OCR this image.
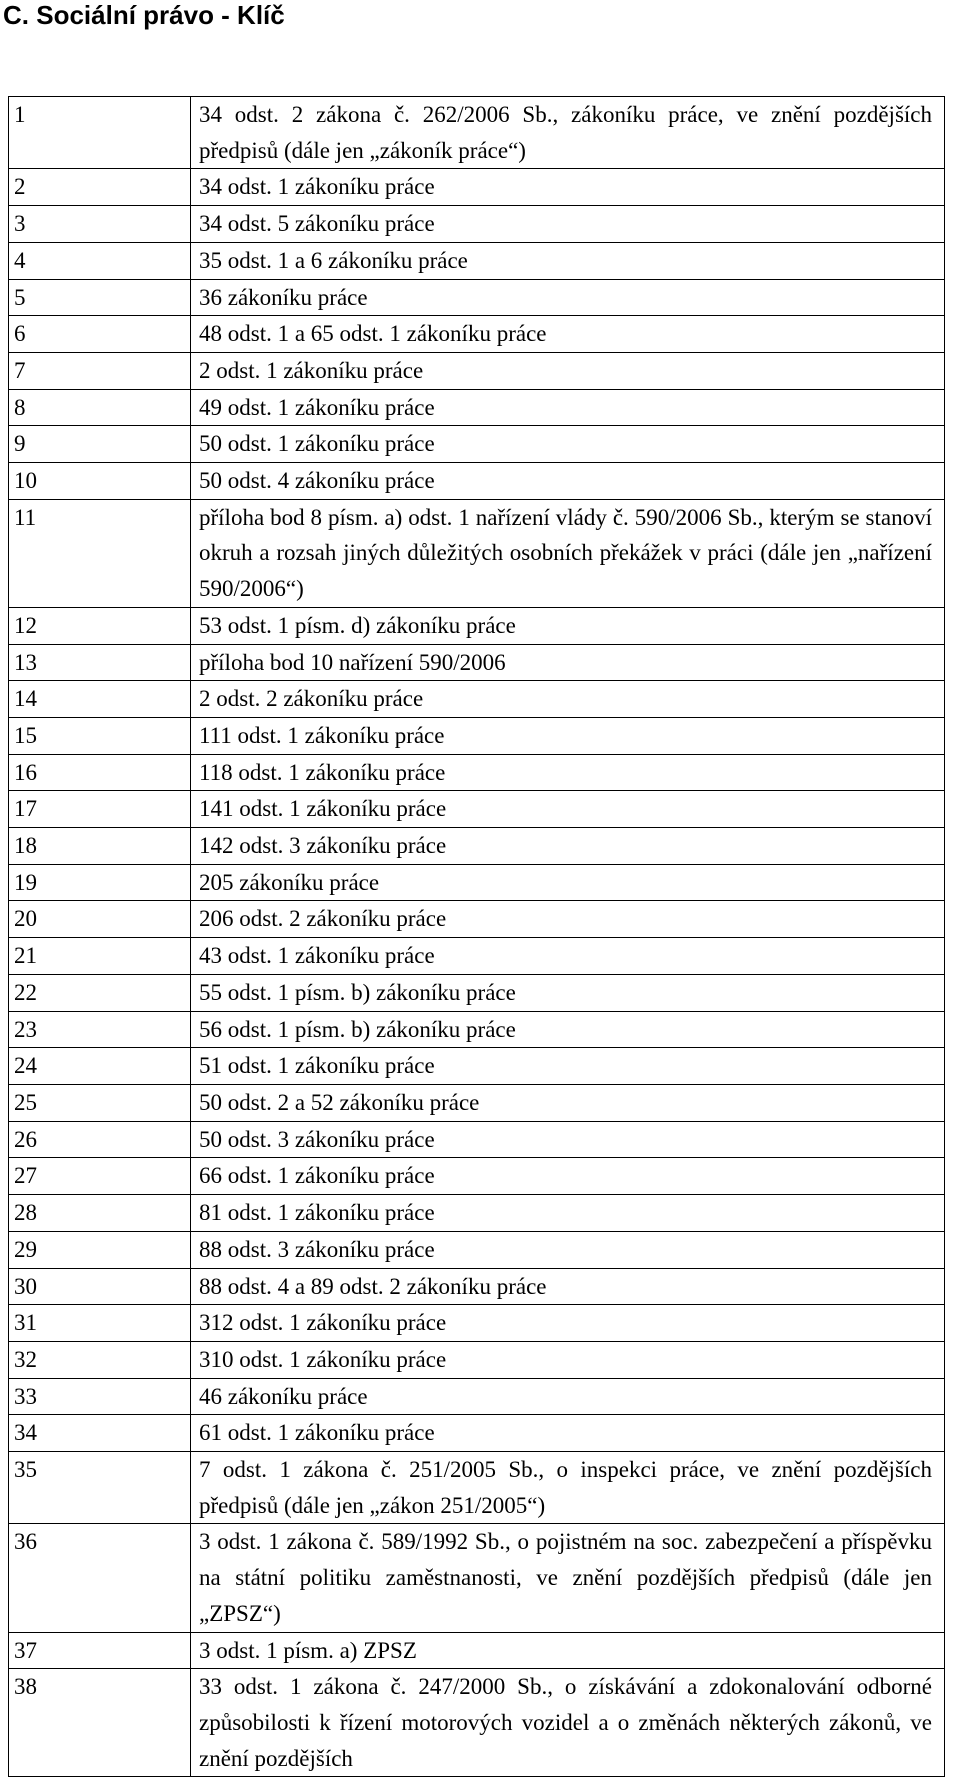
C. Sociální právo - Klíč
1	34 odst. 2 zákona č. 262/2006 Sb., zákoníku práce, ve znění pozdějších předpisů (dále jen „zákoník práce“)

2	34 odst. 1 zákoníku práce

3	34 odst. 5 zákoníku práce

4	35 odst. 1 a 6 zákoníku práce

5	36 zákoníku práce

6	48 odst. 1 a 65 odst. 1 zákoníku práce

7	2 odst. 1 zákoníku práce

8	49 odst. 1 zákoníku práce

9	50 odst. 1 zákoníku práce

10	50 odst. 4 zákoníku práce

11	příloha bod 8 písm. a) odst. 1 nařízení vlády č. 590/2006 Sb., kterým se stanoví okruh a rozsah jiných důležitých osobních překážek v práci (dále jen „nařízení 590/2006“)

12	53 odst. 1 písm. d) zákoníku práce

13	příloha bod 10 nařízení 590/2006

14	2 odst. 2 zákoníku práce

15	111 odst. 1 zákoníku práce

16	118 odst. 1 zákoníku práce

17	141 odst. 1 zákoníku práce

18	142 odst. 3 zákoníku práce

19	205 zákoníku práce

20	206 odst. 2 zákoníku práce

21	43 odst. 1 zákoníku práce

22	55 odst. 1 písm. b) zákoníku práce

23	56 odst. 1 písm. b) zákoníku práce

24	51 odst. 1 zákoníku práce

25	50 odst. 2 a 52 zákoníku práce

26	50 odst. 3 zákoníku práce

27	66 odst. 1 zákoníku práce

28	81 odst. 1 zákoníku práce

29	88 odst. 3 zákoníku práce

30	88 odst. 4 a 89 odst. 2 zákoníku práce

31	312 odst. 1 zákoníku práce

32	310 odst. 1 zákoníku práce

33	46 zákoníku práce

34	61 odst. 1 zákoníku práce

35	7 odst. 1 zákona č. 251/2005 Sb., o inspekci práce, ve znění pozdějších předpisů (dále jen „zákon 251/2005“)

36	3 odst. 1 zákona č. 589/1992 Sb., o pojistném na soc. zabezpečení a příspěvku na státní politiku zaměstnanosti, ve znění pozdějších předpisů (dále jen „ZPSZ“)

37	3 odst. 1 písm. a) ZPSZ

38	33 odst. 1 zákona č. 247/2000 Sb., o získávání a zdokonalování odborné způsobilosti k řízení motorových vozidel a o změnách některých zákonů, ve znění pozdějších
